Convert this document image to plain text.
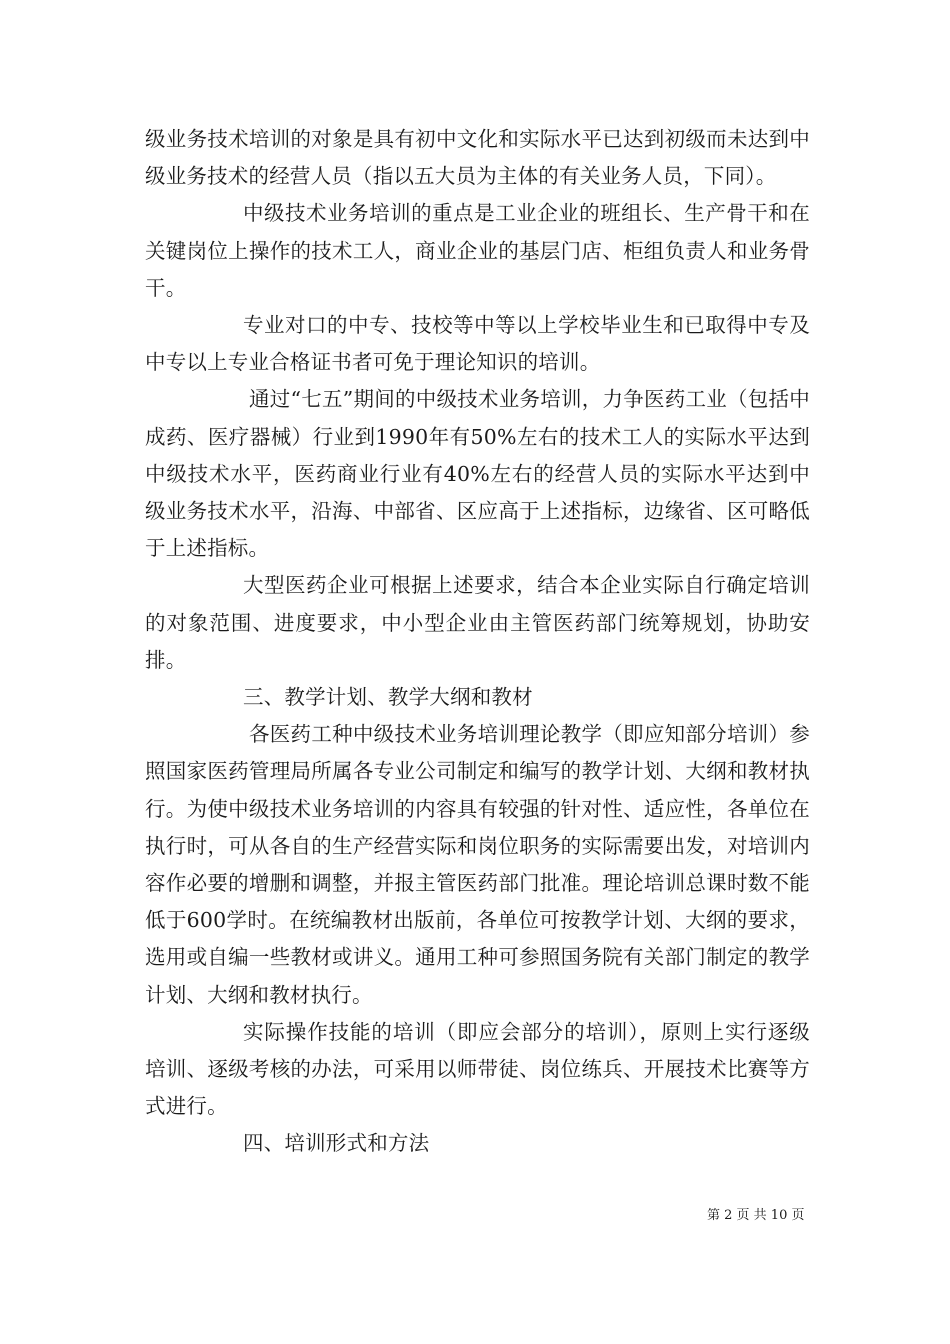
级业务技术培训的对象是具有初中文化和实际水平已达到初级而未达到中级业务技术的经营人员（指以五大员为主体的有关业务人员，下同）。

中级技术业务培训的重点是工业企业的班组长、生产骨干和在关键岗位上操作的技术工人，商业企业的基层门店、柜组负责人和业务骨干。

专业对口的中专、技校等中等以上学校毕业生和已取得中专及中专以上专业合格证书者可免于理论知识的培训。

通过“七五”期间的中级技术业务培训，力争医药工业（包括中成药、医疗器械）行业到1990年有50%左右的技术工人的实际水平达到中级技术水平，医药商业行业有40%左右的经营人员的实际水平达到中级业务技术水平，沿海、中部省、区应高于上述指标，边缘省、区可略低于上述指标。

大型医药企业可根据上述要求，结合本企业实际自行确定培训的对象范围、进度要求，中小型企业由主管医药部门统筹规划，协助安排。

三、教学计划、教学大纲和教材

各医药工种中级技术业务培训理论教学（即应知部分培训）参照国家医药管理局所属各专业公司制定和编写的教学计划、大纲和教材执行。为使中级技术业务培训的内容具有较强的针对性、适应性，各单位在执行时，可从各自的生产经营实际和岗位职务的实际需要出发，对培训内容作必要的增删和调整，并报主管医药部门批准。理论培训总课时数不能低于600学时。在统编教材出版前，各单位可按教学计划、大纲的要求，选用或自编一些教材或讲义。通用工种可参照国务院有关部门制定的教学计划、大纲和教材执行。

实际操作技能的培训（即应会部分的培训），原则上实行逐级培训、逐级考核的办法，可采用以师带徒、岗位练兵、开展技术比赛等方式进行。

四、培训形式和方法

第 2 页 共 10 页
